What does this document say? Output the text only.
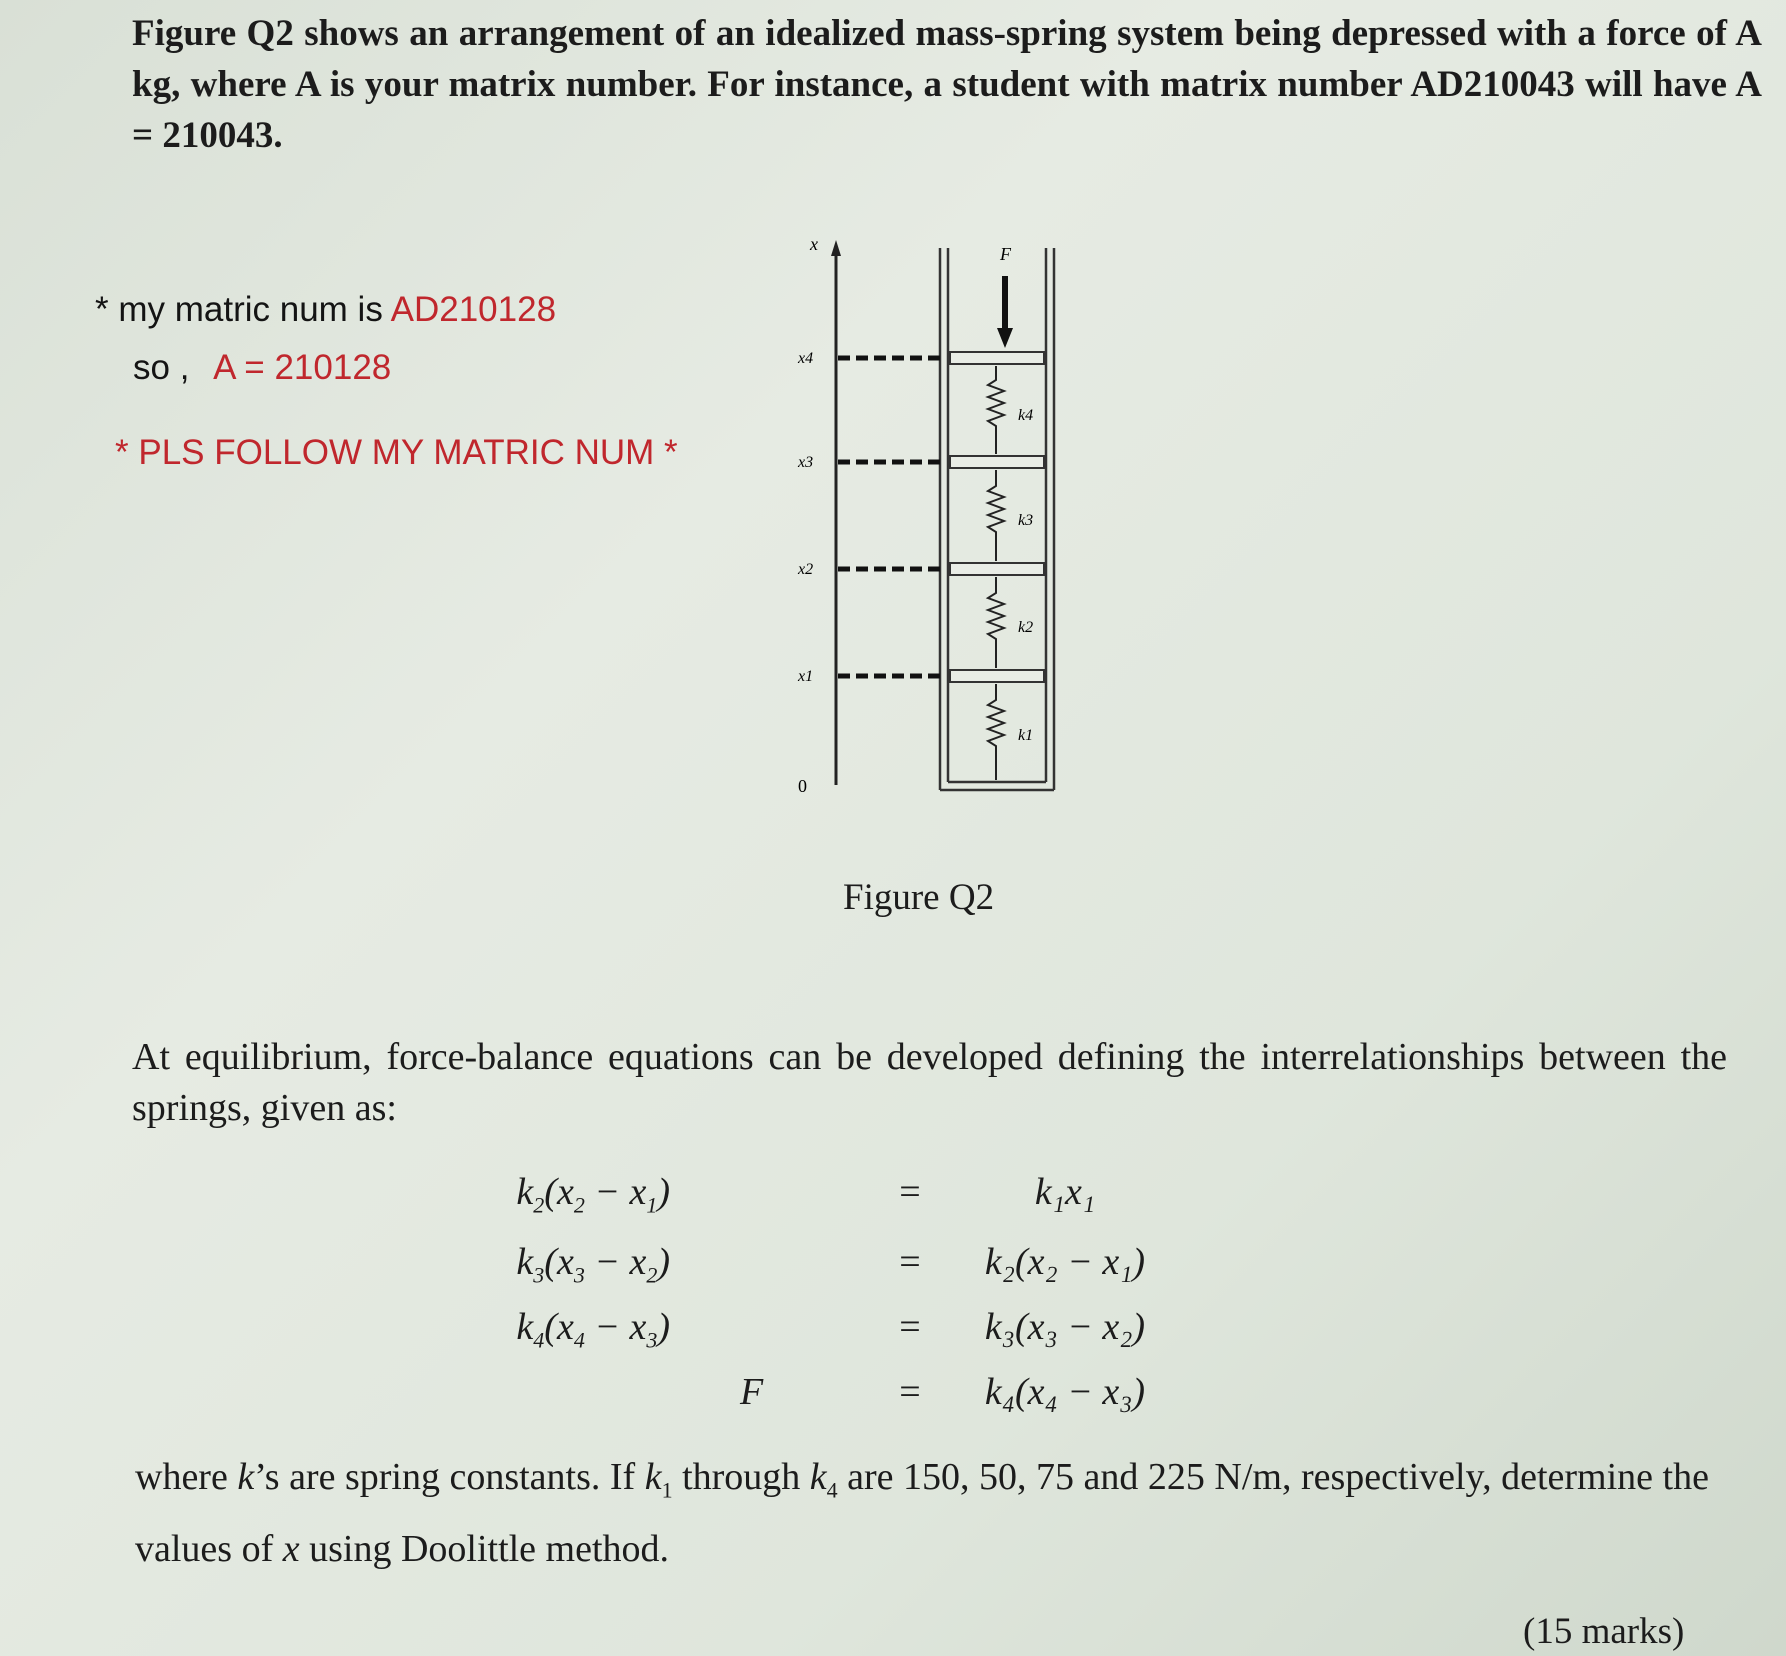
Figure Q2 shows an arrangement of an idealized mass-spring system being depressed with a force of A kg, where A is your matrix number. For instance, a student with matrix number AD210043 will have A = 210043.
* my matric num is AD210128
so , A = 210128
* PLS FOLLOW MY MATRIC NUM *
x
0
F
x4
x3
x2
x1
k4
k3
k2
k1
Figure Q2
At equilibrium, force-balance equations can be developed defining the interrelationships between the springs, given as:
$k_2(x_2 - x_1)$	=	k₁x₁
$k_3(x_3 - x_2)$	=	k₂(x₂ − x₁)
$k_4(x_4 - x_3)$	=	k₃(x₃ − x₂)
F	=	k₄(x₄ − x₃)
where k’s are spring constants. If $k_1$ through $k_4$ are 150, 50, 75 and 225 N/m, respectively, determine the values of x using Doolittle method.
(15 marks)
